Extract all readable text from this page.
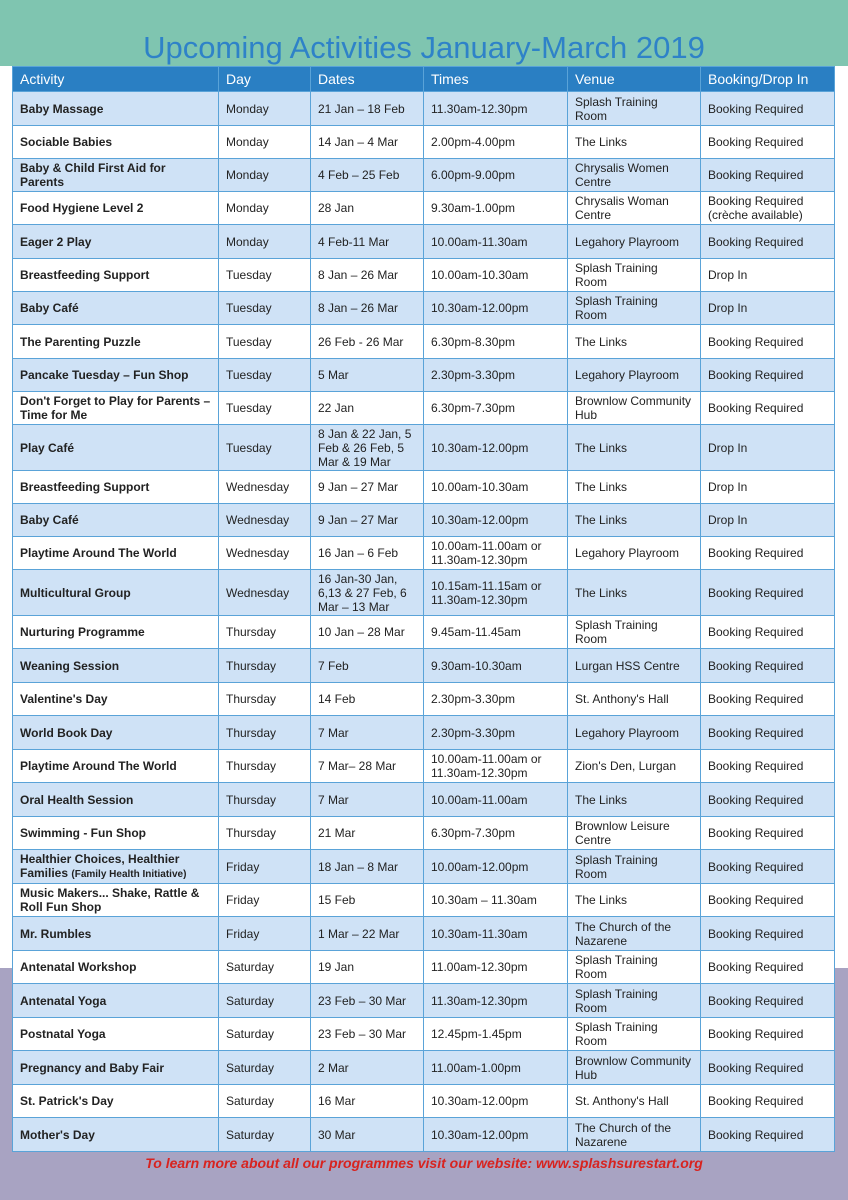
Upcoming Activities January-March 2019
Activity	Day	Dates	Times	Venue	Booking/Drop In
Baby Massage	Monday	21 Jan – 18 Feb	11.30am-12.30pm	Splash Training Room	Booking Required
Sociable Babies	Monday	14 Jan – 4 Mar	2.00pm-4.00pm	The Links	Booking Required
Baby & Child First Aid for Parents	Monday	4 Feb – 25 Feb	6.00pm-9.00pm	Chrysalis Women Centre	Booking Required
Food Hygiene Level 2	Monday	28 Jan	9.30am-1.00pm	Chrysalis Woman Centre	Booking Required (crèche available)
Eager 2 Play	Monday	4 Feb-11 Mar	10.00am-11.30am	Legahory Playroom	Booking Required
Breastfeeding Support	Tuesday	8 Jan – 26 Mar	10.00am-10.30am	Splash Training Room	Drop In
Baby Café	Tuesday	8 Jan – 26 Mar	10.30am-12.00pm	Splash Training Room	Drop In
The Parenting Puzzle	Tuesday	26 Feb - 26 Mar	6.30pm-8.30pm	The Links	Booking Required
Pancake Tuesday – Fun Shop	Tuesday	5 Mar	2.30pm-3.30pm	Legahory Playroom	Booking Required
Don't Forget to Play for Parents – Time for Me	Tuesday	22 Jan	6.30pm-7.30pm	Brownlow Community Hub	Booking Required
Play Café	Tuesday	8 Jan & 22 Jan, 5 Feb & 26 Feb, 5 Mar & 19 Mar	10.30am-12.00pm	The Links	Drop In
Breastfeeding Support	Wednesday	9 Jan – 27 Mar	10.00am-10.30am	The Links	Drop In
Baby Café	Wednesday	9 Jan – 27 Mar	10.30am-12.00pm	The Links	Drop In
Playtime Around The World	Wednesday	16 Jan – 6 Feb	10.00am-11.00am or 11.30am-12.30pm	Legahory Playroom	Booking Required
Multicultural Group	Wednesday	16 Jan-30 Jan, 6,13 & 27 Feb, 6 Mar – 13 Mar	10.15am-11.15am or 11.30am-12.30pm	The Links	Booking Required
Nurturing Programme	Thursday	10 Jan – 28 Mar	9.45am-11.45am	Splash Training Room	Booking Required
Weaning Session	Thursday	7 Feb	9.30am-10.30am	Lurgan HSS Centre	Booking Required
Valentine's Day	Thursday	14 Feb	2.30pm-3.30pm	St. Anthony's Hall	Booking Required
World Book Day	Thursday	7 Mar	2.30pm-3.30pm	Legahory Playroom	Booking Required
Playtime Around The World	Thursday	7 Mar– 28 Mar	10.00am-11.00am or 11.30am-12.30pm	Zion's Den, Lurgan	Booking Required
Oral Health Session	Thursday	7 Mar	10.00am-11.00am	The Links	Booking Required
Swimming - Fun Shop	Thursday	21 Mar	6.30pm-7.30pm	Brownlow Leisure Centre	Booking Required
Healthier Choices, Healthier Families (Family Health Initiative)	Friday	18 Jan – 8 Mar	10.00am-12.00pm	Splash Training Room	Booking Required
Music Makers... Shake, Rattle & Roll Fun Shop	Friday	15 Feb	10.30am – 11.30am	The Links	Booking Required
Mr. Rumbles	Friday	1 Mar – 22 Mar	10.30am-11.30am	The Church of the Nazarene	Booking Required
Antenatal Workshop	Saturday	19 Jan	11.00am-12.30pm	Splash Training Room	Booking Required
Antenatal Yoga	Saturday	23 Feb – 30 Mar	11.30am-12.30pm	Splash Training Room	Booking Required
Postnatal Yoga	Saturday	23 Feb – 30 Mar	12.45pm-1.45pm	Splash Training Room	Booking Required
Pregnancy and Baby Fair	Saturday	2 Mar	11.00am-1.00pm	Brownlow Community Hub	Booking Required
St. Patrick's Day	Saturday	16 Mar	10.30am-12.00pm	St. Anthony's Hall	Booking Required
Mother's Day	Saturday	30 Mar	10.30am-12.00pm	The Church of the Nazarene	Booking Required
To learn more about all our programmes visit our website: www.splashsurestart.org
